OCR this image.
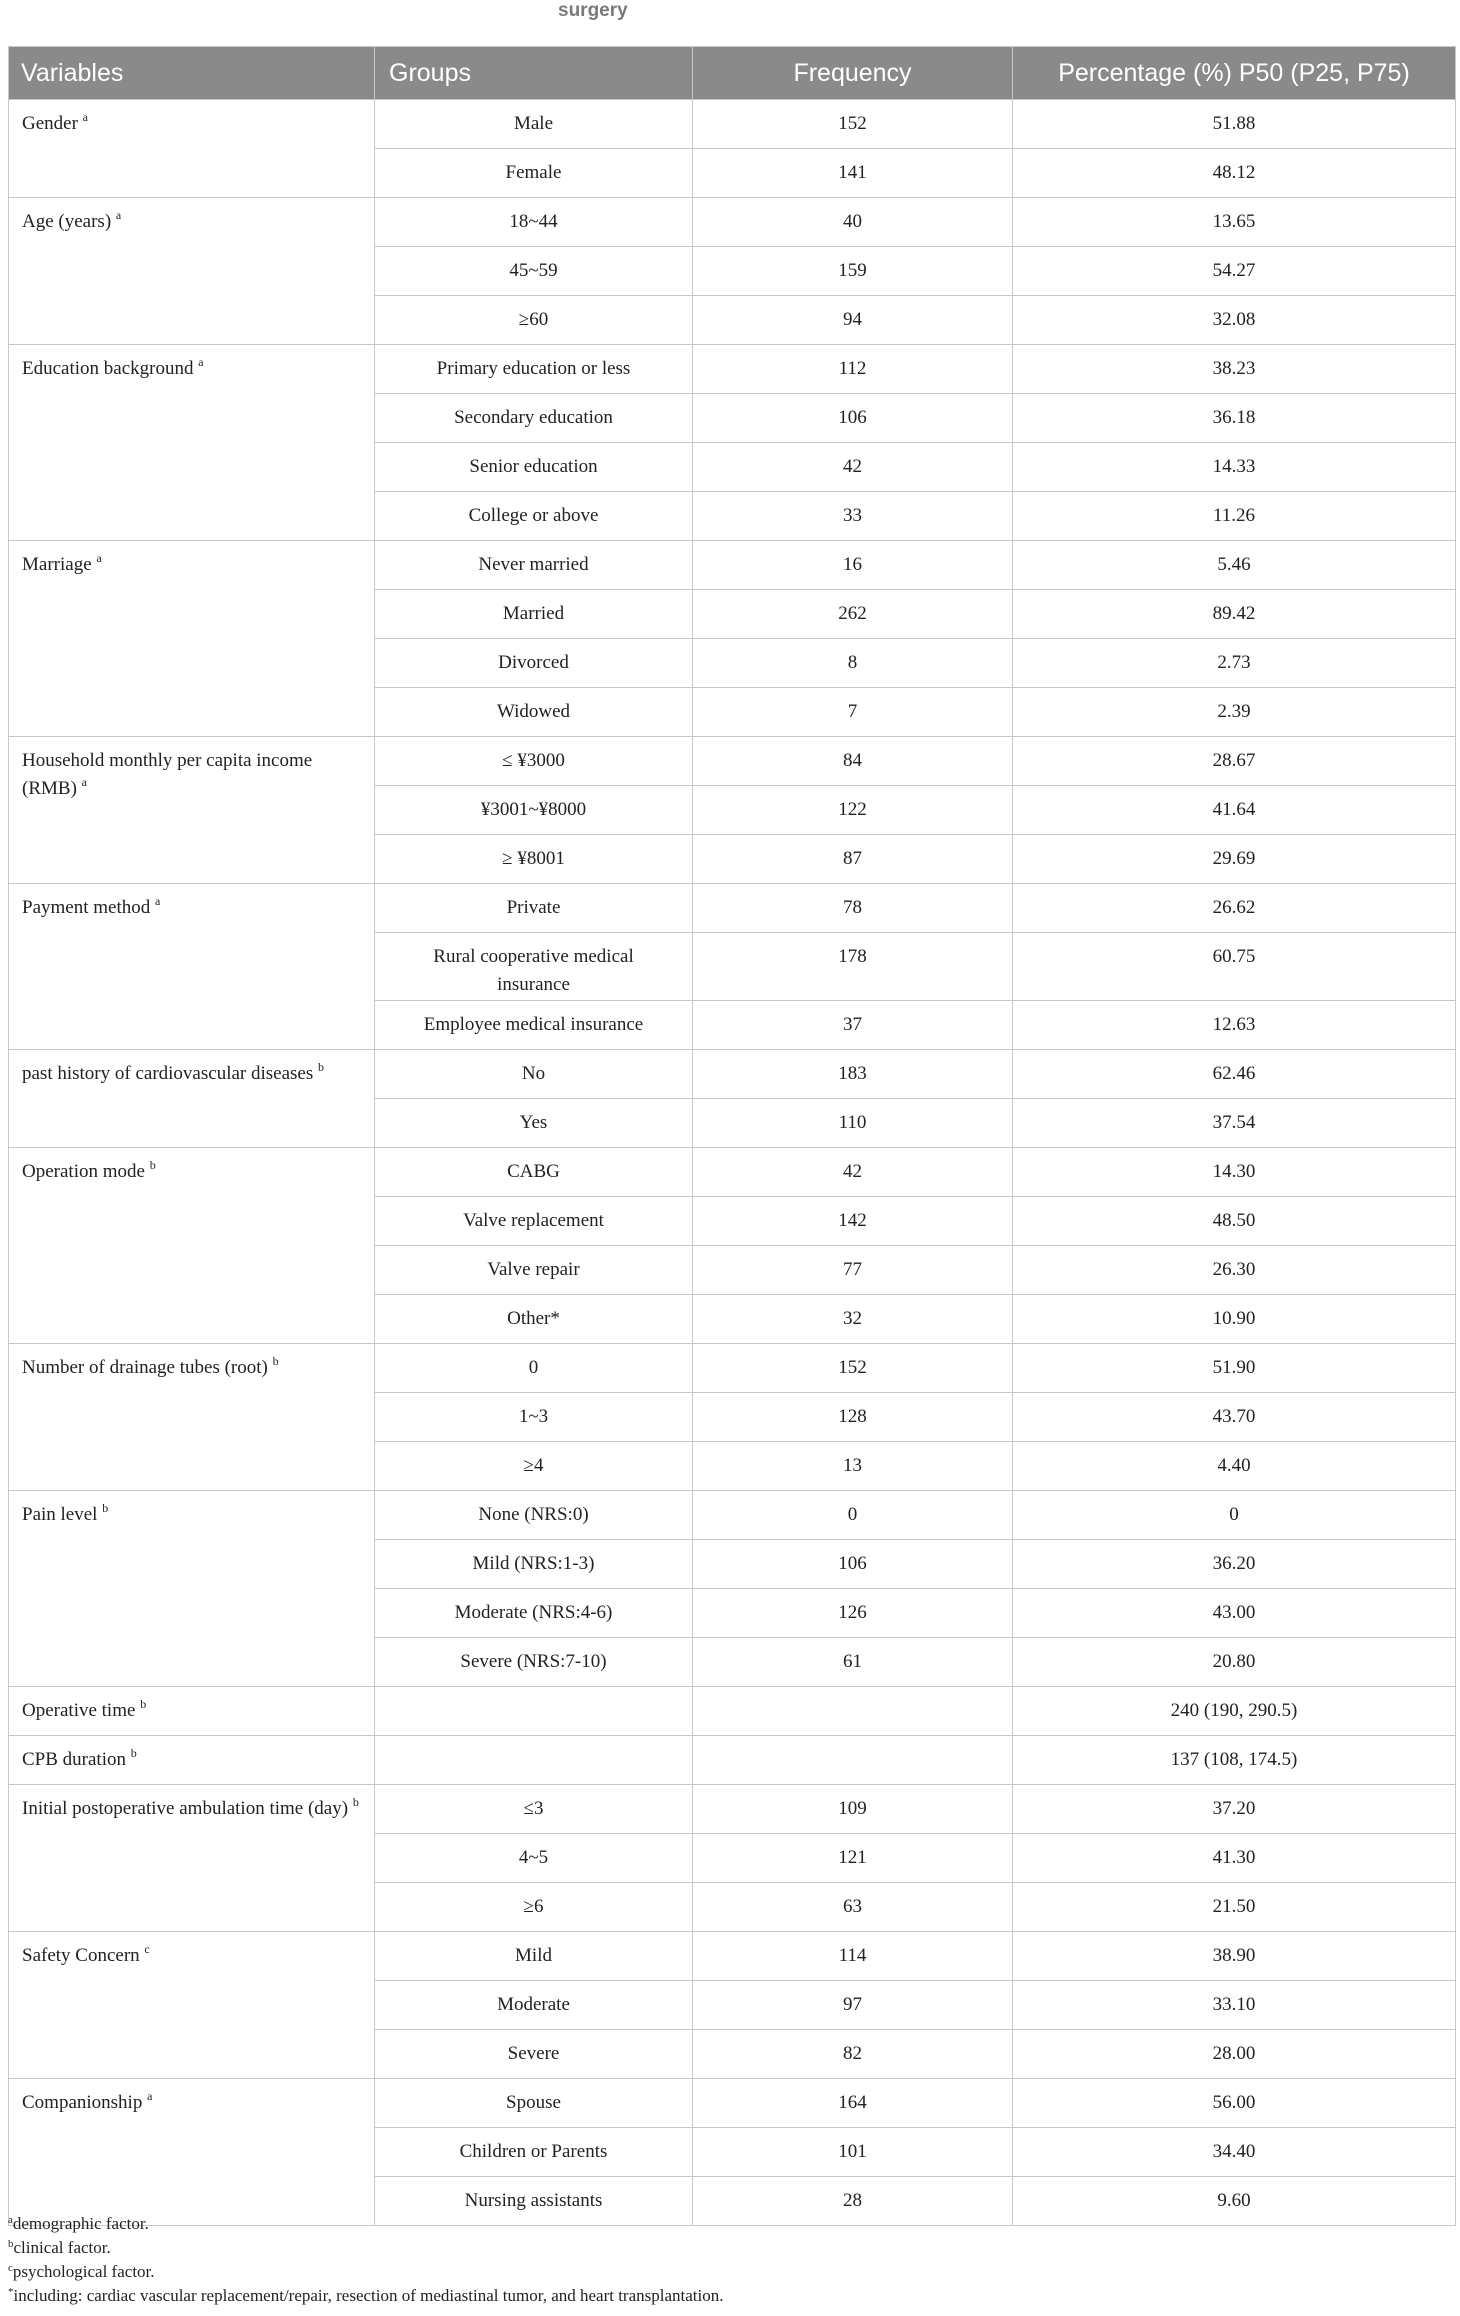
surgery
Variables	Groups	Frequency	Percentage (%) P50 (P25, P75)
Gender $^a$	Male	152	51.88
	Female	141	48.12
Age (years) $^a$	18~44	40	13.65
	45~59	159	54.27
	≥60	94	32.08
Education background $^a$	Primary education or less	112	38.23
	Secondary education	106	36.18
	Senior education	42	14.33
	College or above	33	11.26
Marriage $^a$	Never married	16	5.46
	Married	262	89.42
	Divorced	8	2.73
	Widowed	7	2.39
Household monthly per capita income (RMB) $^a$	≤ ¥3000	84	28.67
	¥3001~¥8000	122	41.64
	≥ ¥8001	87	29.69
Payment method $^a$	Private	78	26.62
	Rural cooperative medical insurance	178	60.75
	Employee medical insurance	37	12.63
past history of cardiovascular diseases $^b$	No	183	62.46
	Yes	110	37.54
Operation mode $^b$	CABG	42	14.30
	Valve replacement	142	48.50
	Valve repair	77	26.30
	Other*	32	10.90
Number of drainage tubes (root) $^b$	0	152	51.90
	1~3	128	43.70
	≥4	13	4.40
Pain level $^b$	None (NRS:0)	0	0
	Mild (NRS:1-3)	106	36.20
	Moderate (NRS:4-6)	126	43.00
	Severe (NRS:7-10)	61	20.80
Operative time $^b$			240 (190, 290.5)
CPB duration $^b$			137 (108, 174.5)
Initial postoperative ambulation time (day) $^b$	≤3	109	37.20
	4~5	121	41.30
	≥6	63	21.50
Safety Concern $^c$	Mild	114	38.90
	Moderate	97	33.10
	Severe	82	28.00
Companionship $^a$	Spouse	164	56.00
	Children or Parents	101	34.40
	Nursing assistants	28	9.60
$^a$demographic factor.
$^b$clinical factor.
$^c$psychological factor.
*including: cardiac vascular replacement/repair, resection of mediastinal tumor, and heart transplantation.
